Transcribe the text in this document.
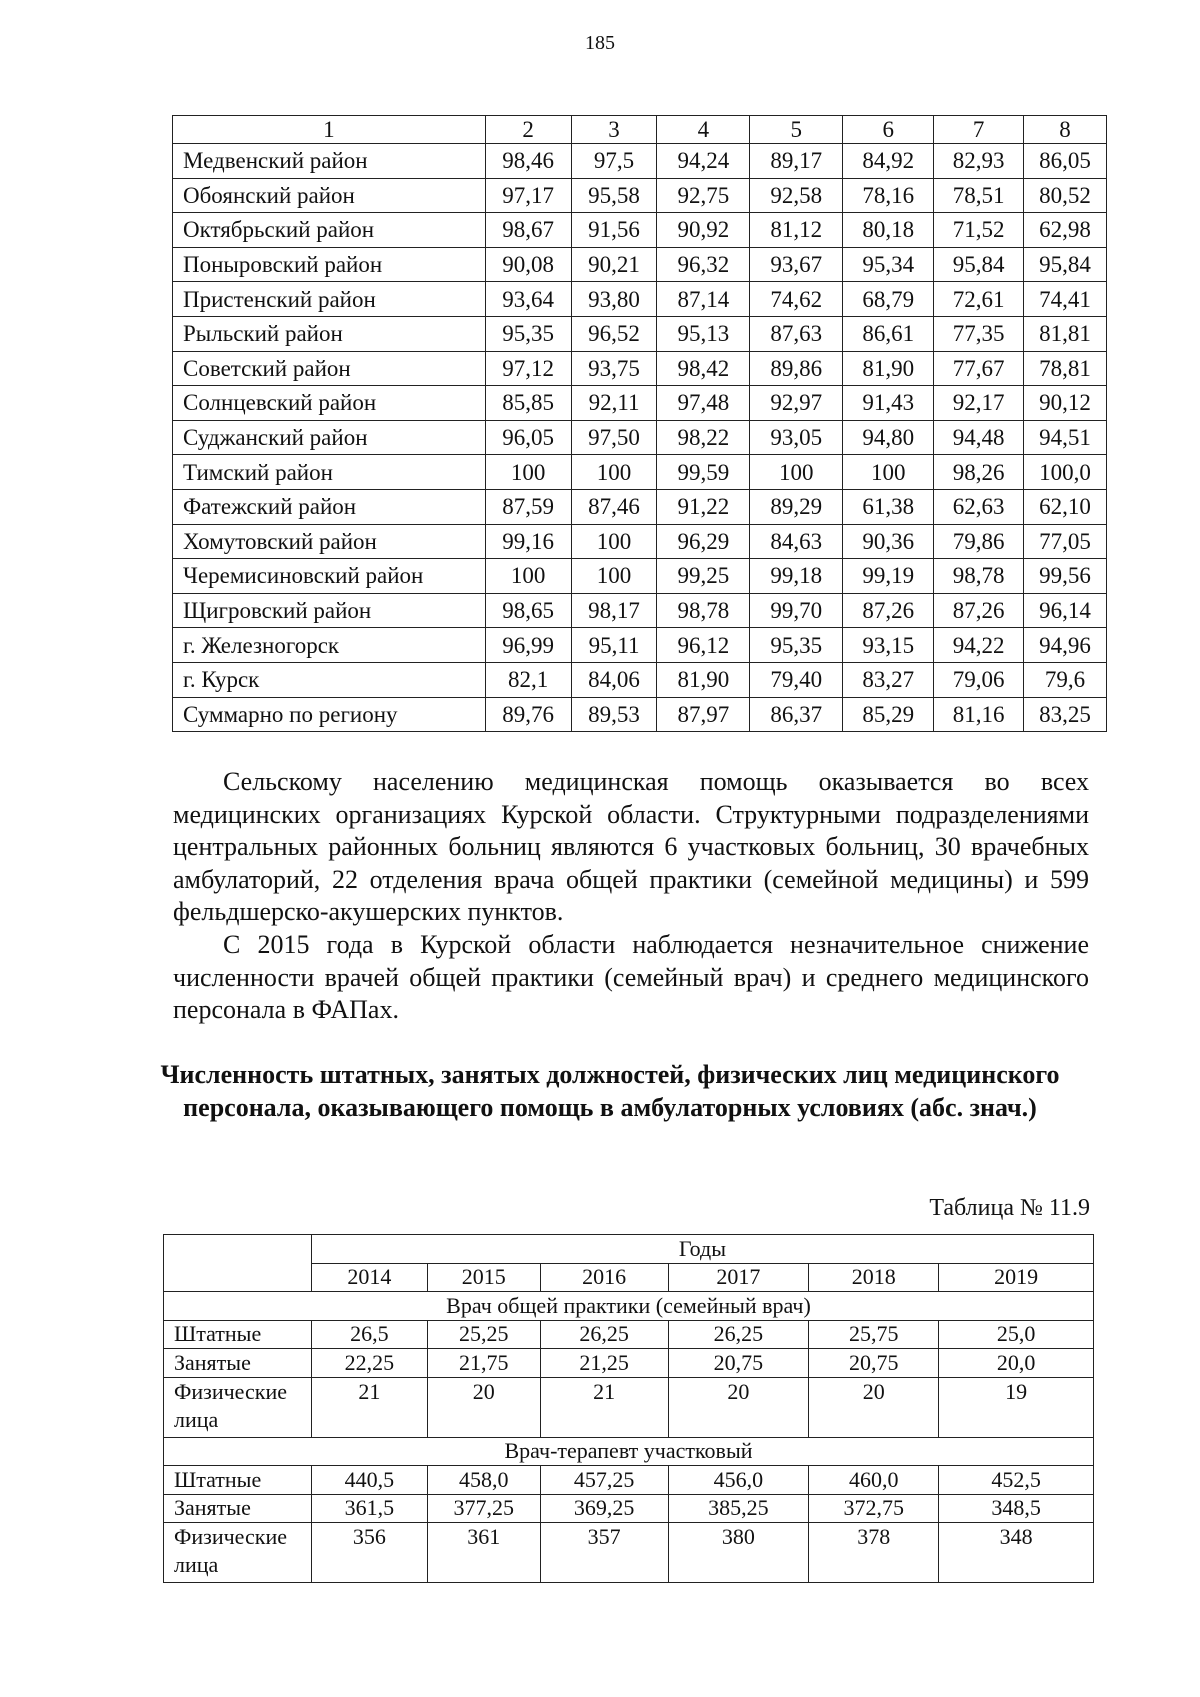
185
1	2	3	4	5	6	7	8
Медвенский район	98,46	97,5	94,24	89,17	84,92	82,93	86,05
Обоянский район	97,17	95,58	92,75	92,58	78,16	78,51	80,52
Октябрьский район	98,67	91,56	90,92	81,12	80,18	71,52	62,98
Поныровский район	90,08	90,21	96,32	93,67	95,34	95,84	95,84
Пристенский район	93,64	93,80	87,14	74,62	68,79	72,61	74,41
Рыльский район	95,35	96,52	95,13	87,63	86,61	77,35	81,81
Советский район	97,12	93,75	98,42	89,86	81,90	77,67	78,81
Солнцевский район	85,85	92,11	97,48	92,97	91,43	92,17	90,12
Суджанский район	96,05	97,50	98,22	93,05	94,80	94,48	94,51
Тимский район	100	100	99,59	100	100	98,26	100,0
Фатежский район	87,59	87,46	91,22	89,29	61,38	62,63	62,10
Хомутовский район	99,16	100	96,29	84,63	90,36	79,86	77,05
Черемисиновский район	100	100	99,25	99,18	99,19	98,78	99,56
Щигровский район	98,65	98,17	98,78	99,70	87,26	87,26	96,14
г. Железногорск	96,99	95,11	96,12	95,35	93,15	94,22	94,96
г. Курск	82,1	84,06	81,90	79,40	83,27	79,06	79,6
Суммарно по региону	89,76	89,53	87,97	86,37	85,29	81,16	83,25

Сельскому населению медицинская помощь оказывается во всех медицинских организациях Курской области. Структурными подразделениями центральных районных больниц являются 6 участковых больниц, 30 врачебных амбулаторий, 22 отделения врача общей практики (семейной медицины) и 599 фельдшерско-акушерских пунктов.

С 2015 года в Курской области наблюдается незначительное снижение численности врачей общей практики (семейный врач) и среднего медицинского персонала в ФАПах.

Численность штатных, занятых должностей, физических лиц медицинского персонала, оказывающего помощь в амбулаторных условиях (абс. знач.)
Таблица № 11.9
	Годы					
	2014	2015	2016	2017	2018	2019
Врач общей практики (семейный врач)						
Штатные	26,5	25,25	26,25	26,25	25,75	25,0
Занятые	22,25	21,75	21,25	20,75	20,75	20,0
Физические лица	21	20	21	20	20	19
Врач-терапевт участковый						
Штатные	440,5	458,0	457,25	456,0	460,0	452,5
Занятые	361,5	377,25	369,25	385,25	372,75	348,5
Физические лица	356	361	357	380	378	348
